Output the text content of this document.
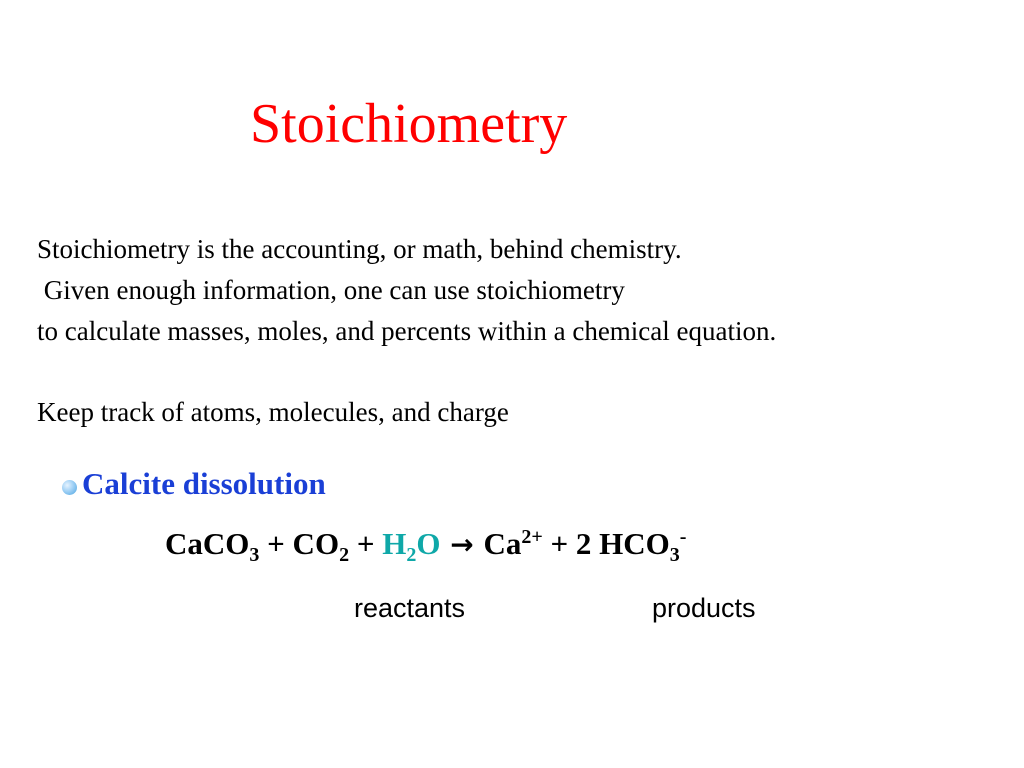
Stoichiometry
Stoichiometry is the accounting, or math, behind chemistry.
Given enough information, one can use stoichiometry
to calculate masses, moles, and percents within a chemical equation.
Keep track of atoms, molecules, and charge
Calcite dissolution
CaCO$_3$ + $CO_2 + H_2O \to Ca^{2+} + 2$ $HCO_3^-$
reactants	products
